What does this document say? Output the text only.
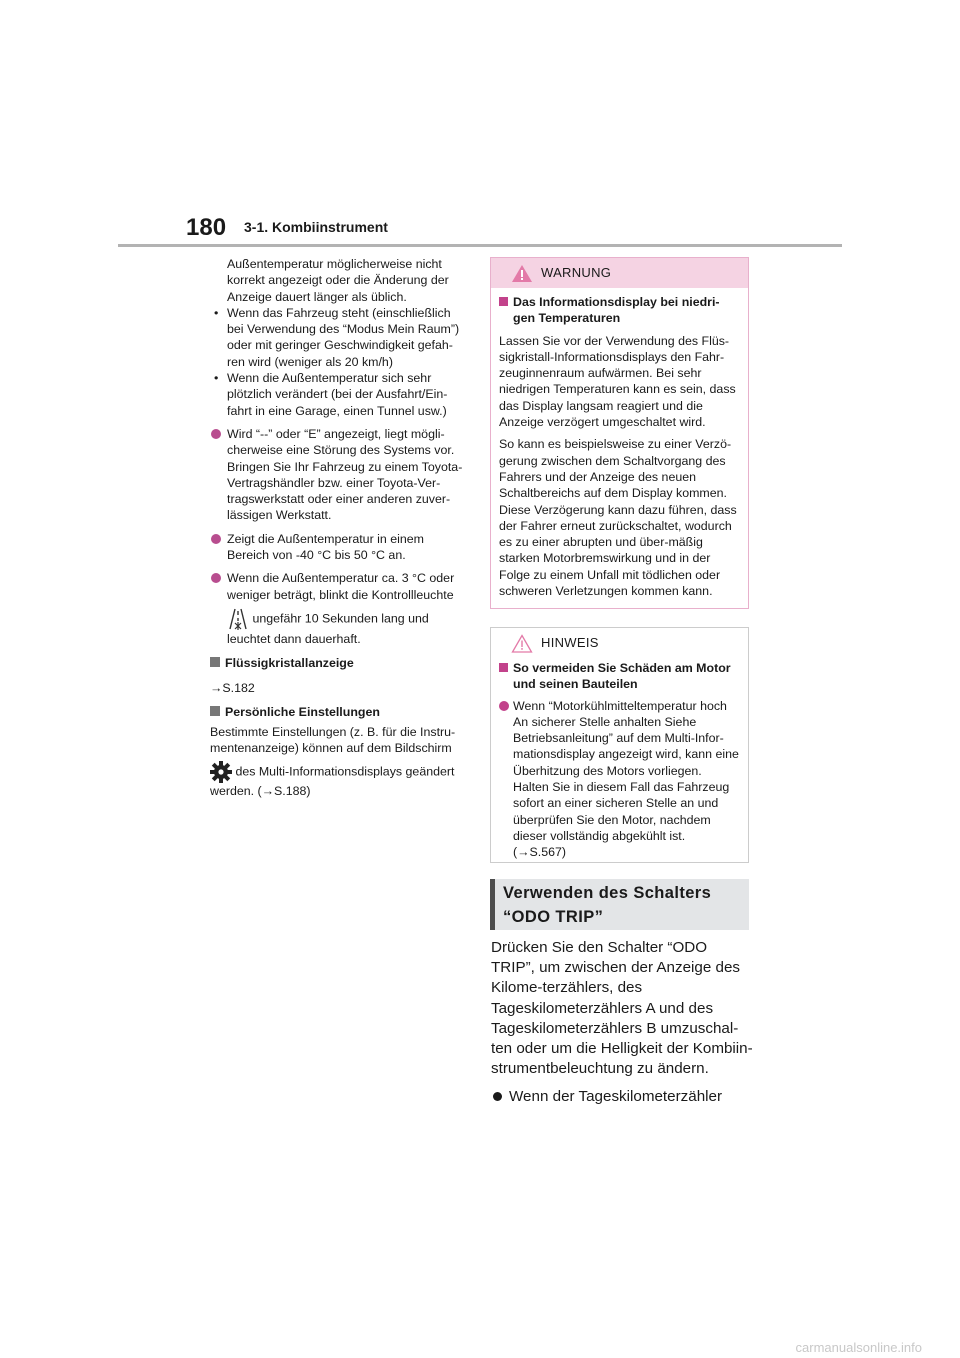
180 3-1. Kombiinstrument

Außentemperatur möglicherweise nicht korrekt angezeigt oder die Änderung der Anzeige dauert länger als üblich.

• Wenn das Fahrzeug steht (einschließlich bei Verwendung des “Modus Mein Raum”) oder mit geringer Geschwindigkeit gefah-ren wird (weniger als 20 km/h)

• Wenn die Außentemperatur sich sehr plötzlich verändert (bei der Ausfahrt/Ein-fahrt in eine Garage, einen Tunnel usw.)

Wird “--” oder “E” angezeigt, liegt mögli-cherweise eine Störung des Systems vor. Bringen Sie Ihr Fahrzeug zu einem Toyota-Vertragshändler bzw. einer Toyota-Ver-tragswerkstatt oder einer anderen zuver-lässigen Werkstatt.

Zeigt die Außentemperatur in einem Bereich von -40 °C bis 50 °C an.

Wenn die Außentemperatur ca. 3 °C oder weniger beträgt, blinkt die Kontrollleuchte

ungefähr 10 Sekunden lang und leuchtet dann dauerhaft.

Flüssigkristallanzeige

→S.182

Persönliche Einstellungen

Bestimmte Einstellungen (z. B. für die Instru-mentenanzeige) können auf dem Bildschirm

des Multi-Informationsdisplays geändert werden. (→S.188)

WARNUNG

Das Informationsdisplay bei niedri-gen Temperaturen

Lassen Sie vor der Verwendung des Flüs-sigkristall-Informationsdisplays den Fahr-zeuginnenraum aufwärmen. Bei sehr niedrigen Temperaturen kann es sein, dass das Display langsam reagiert und die Anzeige verzögert umgeschaltet wird.

So kann es beispielsweise zu einer Verzö-gerung zwischen dem Schaltvorgang des Fahrers und der Anzeige des neuen Schaltbereichs auf dem Display kommen. Diese Verzögerung kann dazu führen, dass der Fahrer erneut zurückschaltet, wodurch es zu einer abrupten und über-mäßig starken Motorbremswirkung und in der Folge zu einem Unfall mit tödlichen oder schweren Verletzungen kommen kann.

HINWEIS

So vermeiden Sie Schäden am Motor und seinen Bauteilen

Wenn “Motorkühlmitteltemperatur hoch An sicherer Stelle anhalten Siehe Betriebsanleitung” auf dem Multi-Infor-mationsdisplay angezeigt wird, kann eine Überhitzung des Motors vorliegen. Halten Sie in diesem Fall das Fahrzeug sofort an einer sicheren Stelle an und überprüfen Sie den Motor, nachdem dieser vollständig abgekühlt ist. (→S.567)

Verwenden des Schalters “ODO TRIP”

Drücken Sie den Schalter “ODO TRIP”, um zwischen der Anzeige des Kilome-terzählers, des Tageskilometerzählers A und des Tageskilometerzählers B umzuschal-ten oder um die Helligkeit der Kombiin-strumentbeleuchtung zu ändern.

Wenn der Tageskilometerzähler

carmanualsonline.info
